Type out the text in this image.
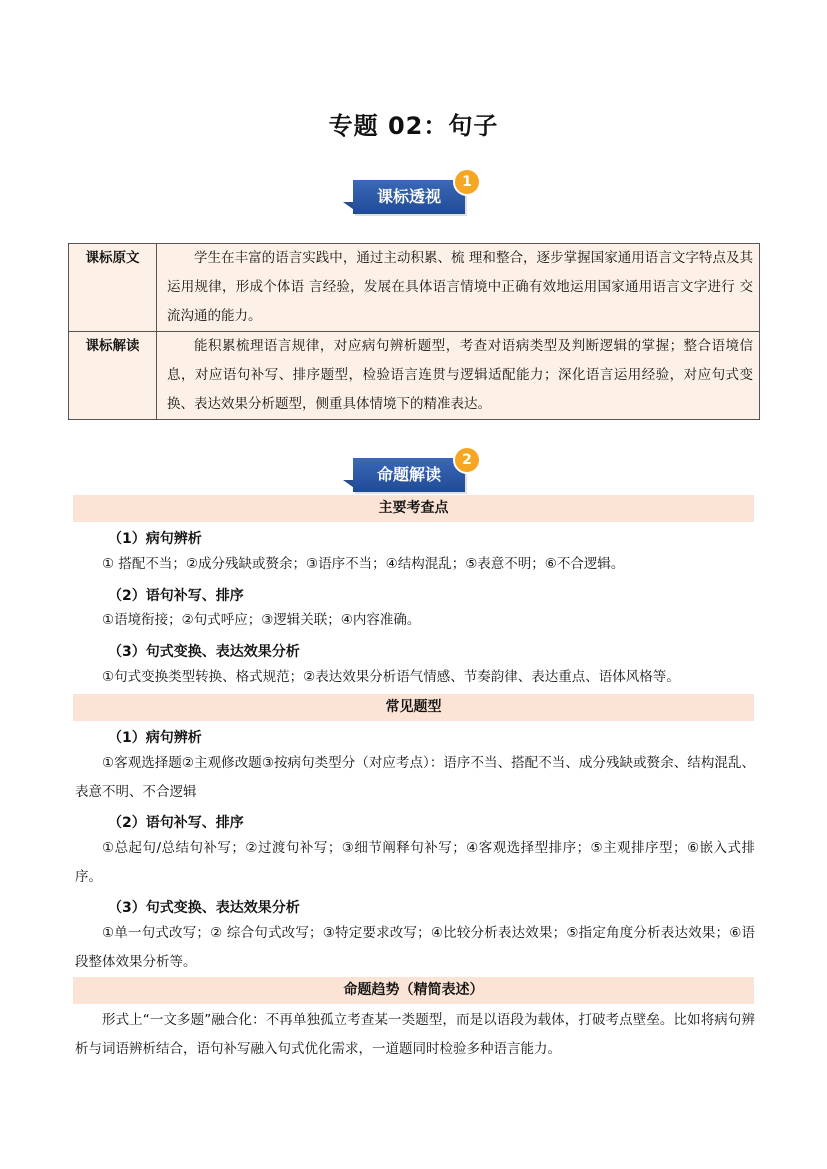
专题 02：句子
课标透视
1
课标原文	学生在丰富的语言实践中，通过主动积累、梳 理和整合，逐步掌握国家通用语言文字特点及其运用规律，形成个体语 言经验，发展在具体语言情境中正确有效地运用国家通用语言文字进行 交流沟通的能力。
课标解读	能积累梳理语言规律，对应病句辨析题型，考查对语病类型及判断逻辑的掌握；整合语境信息，对应语句补写、排序题型，检验语言连贯与逻辑适配能力；深化语言运用经验，对应句式变换、表达效果分析题型，侧重具体情境下的精准表达。
命题解读
2
主要考查点
（1）病句辨析
① 搭配不当；②成分残缺或赘余；③语序不当；④结构混乱；⑤表意不明；⑥不合逻辑。
（2）语句补写、排序
①语境衔接；②句式呼应；③逻辑关联；④内容准确。
（3）句式变换、表达效果分析
①句式变换类型转换、格式规范；②表达效果分析语气情感、节奏韵律、表达重点、语体风格等。
常见题型
（1）病句辨析
①客观选择题②主观修改题③按病句类型分（对应考点）：语序不当、搭配不当、成分残缺或赘余、结构混乱、表意不明、不合逻辑
（2）语句补写、排序
①总起句/总结句补写；②过渡句补写；③细节阐释句补写；④客观选择型排序；⑤主观排序型；⑥嵌入式排序。
（3）句式变换、表达效果分析
①单一句式改写；② 综合句式改写；③特定要求改写；④比较分析表达效果；⑤指定角度分析表达效果；⑥语段整体效果分析等。
命题趋势（精简表述）
形式上“一文多题”融合化：不再单独孤立考查某一类题型，而是以语段为载体，打破考点壁垒。比如将病句辨析与词语辨析结合，语句补写融入句式优化需求，一道题同时检验多种语言能力。
